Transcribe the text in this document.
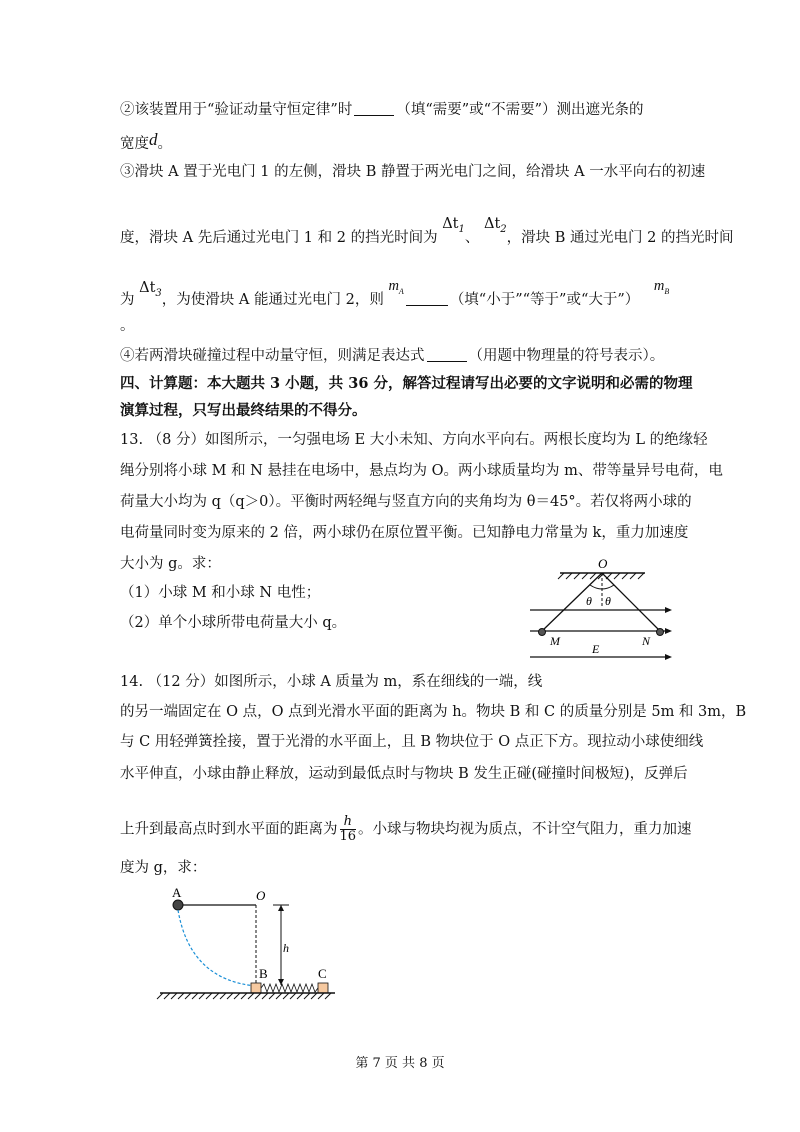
②该装置用于“验证动量守恒定律”时	（填“需要”或“不需要”）测出遮光条的
宽度d。
③滑块 A 置于光电门 1 的左侧，滑块 B 静置于两光电门之间，给滑块 A 一水平向右的初速
度，滑块 A 先后通过光电门 1 和 2 的挡光时间为 $\Delta t_1$、 $\Delta t_2$，滑块 B 通过光电门 2 的挡光时间
为 $\Delta t_3$，为使滑块 A 能通过光电门 2，则 $m_A$（填“小于”“等于”或“大于”） $m_B$
。
④若两滑块碰撞过程中动量守恒，则满足表达式	（用题中物理量的符号表示）。
四、计算题：本大题共 3 小题，共 36 分，解答过程请写出必要的文字说明和必需的物理
演算过程，只写出最终结果的不得分。
13. （8 分）如图所示，一匀强电场 E 大小未知、方向水平向右。两根长度均为 L 的绝缘轻
绳分别将小球 M 和 N 悬挂在电场中，悬点均为 O。两小球质量均为 m、带等量异号电荷，电
荷量大小均为 q（q＞0）。平衡时两轻绳与竖直方向的夹角均为 θ＝45°。若仅将两小球的
电荷量同时变为原来的 2 倍，两小球仍在原位置平衡。已知静电力常量为 k，重力加速度
大小为 g。求：
（1）小球 M 和小球 N 电性；
（2）单个小球所带电荷量大小 q。
O
θ θ
M	N
E
14. （12 分）如图所示，小球 A 质量为 m，系在细线的一端，线
的另一端固定在 O 点，O 点到光滑水平面的距离为 h。物块 B 和 C 的质量分别是 5m 和 3m，B
与 C 用轻弹簧拴接，置于光滑的水平面上，且 B 物块位于 O 点正下方。现拉动小球使细线
水平伸直，小球由静止释放，运动到最低点时与物块 B 发生正碰(碰撞时间极短)，反弹后
上升到最高点时到水平面的距离为 $\frac{h}{16}$ 。小球与物块均视为质点，不计空气阻力，重力加速
度为 g，求：
A	O
h
B	C
第 7 页 共 8 页
